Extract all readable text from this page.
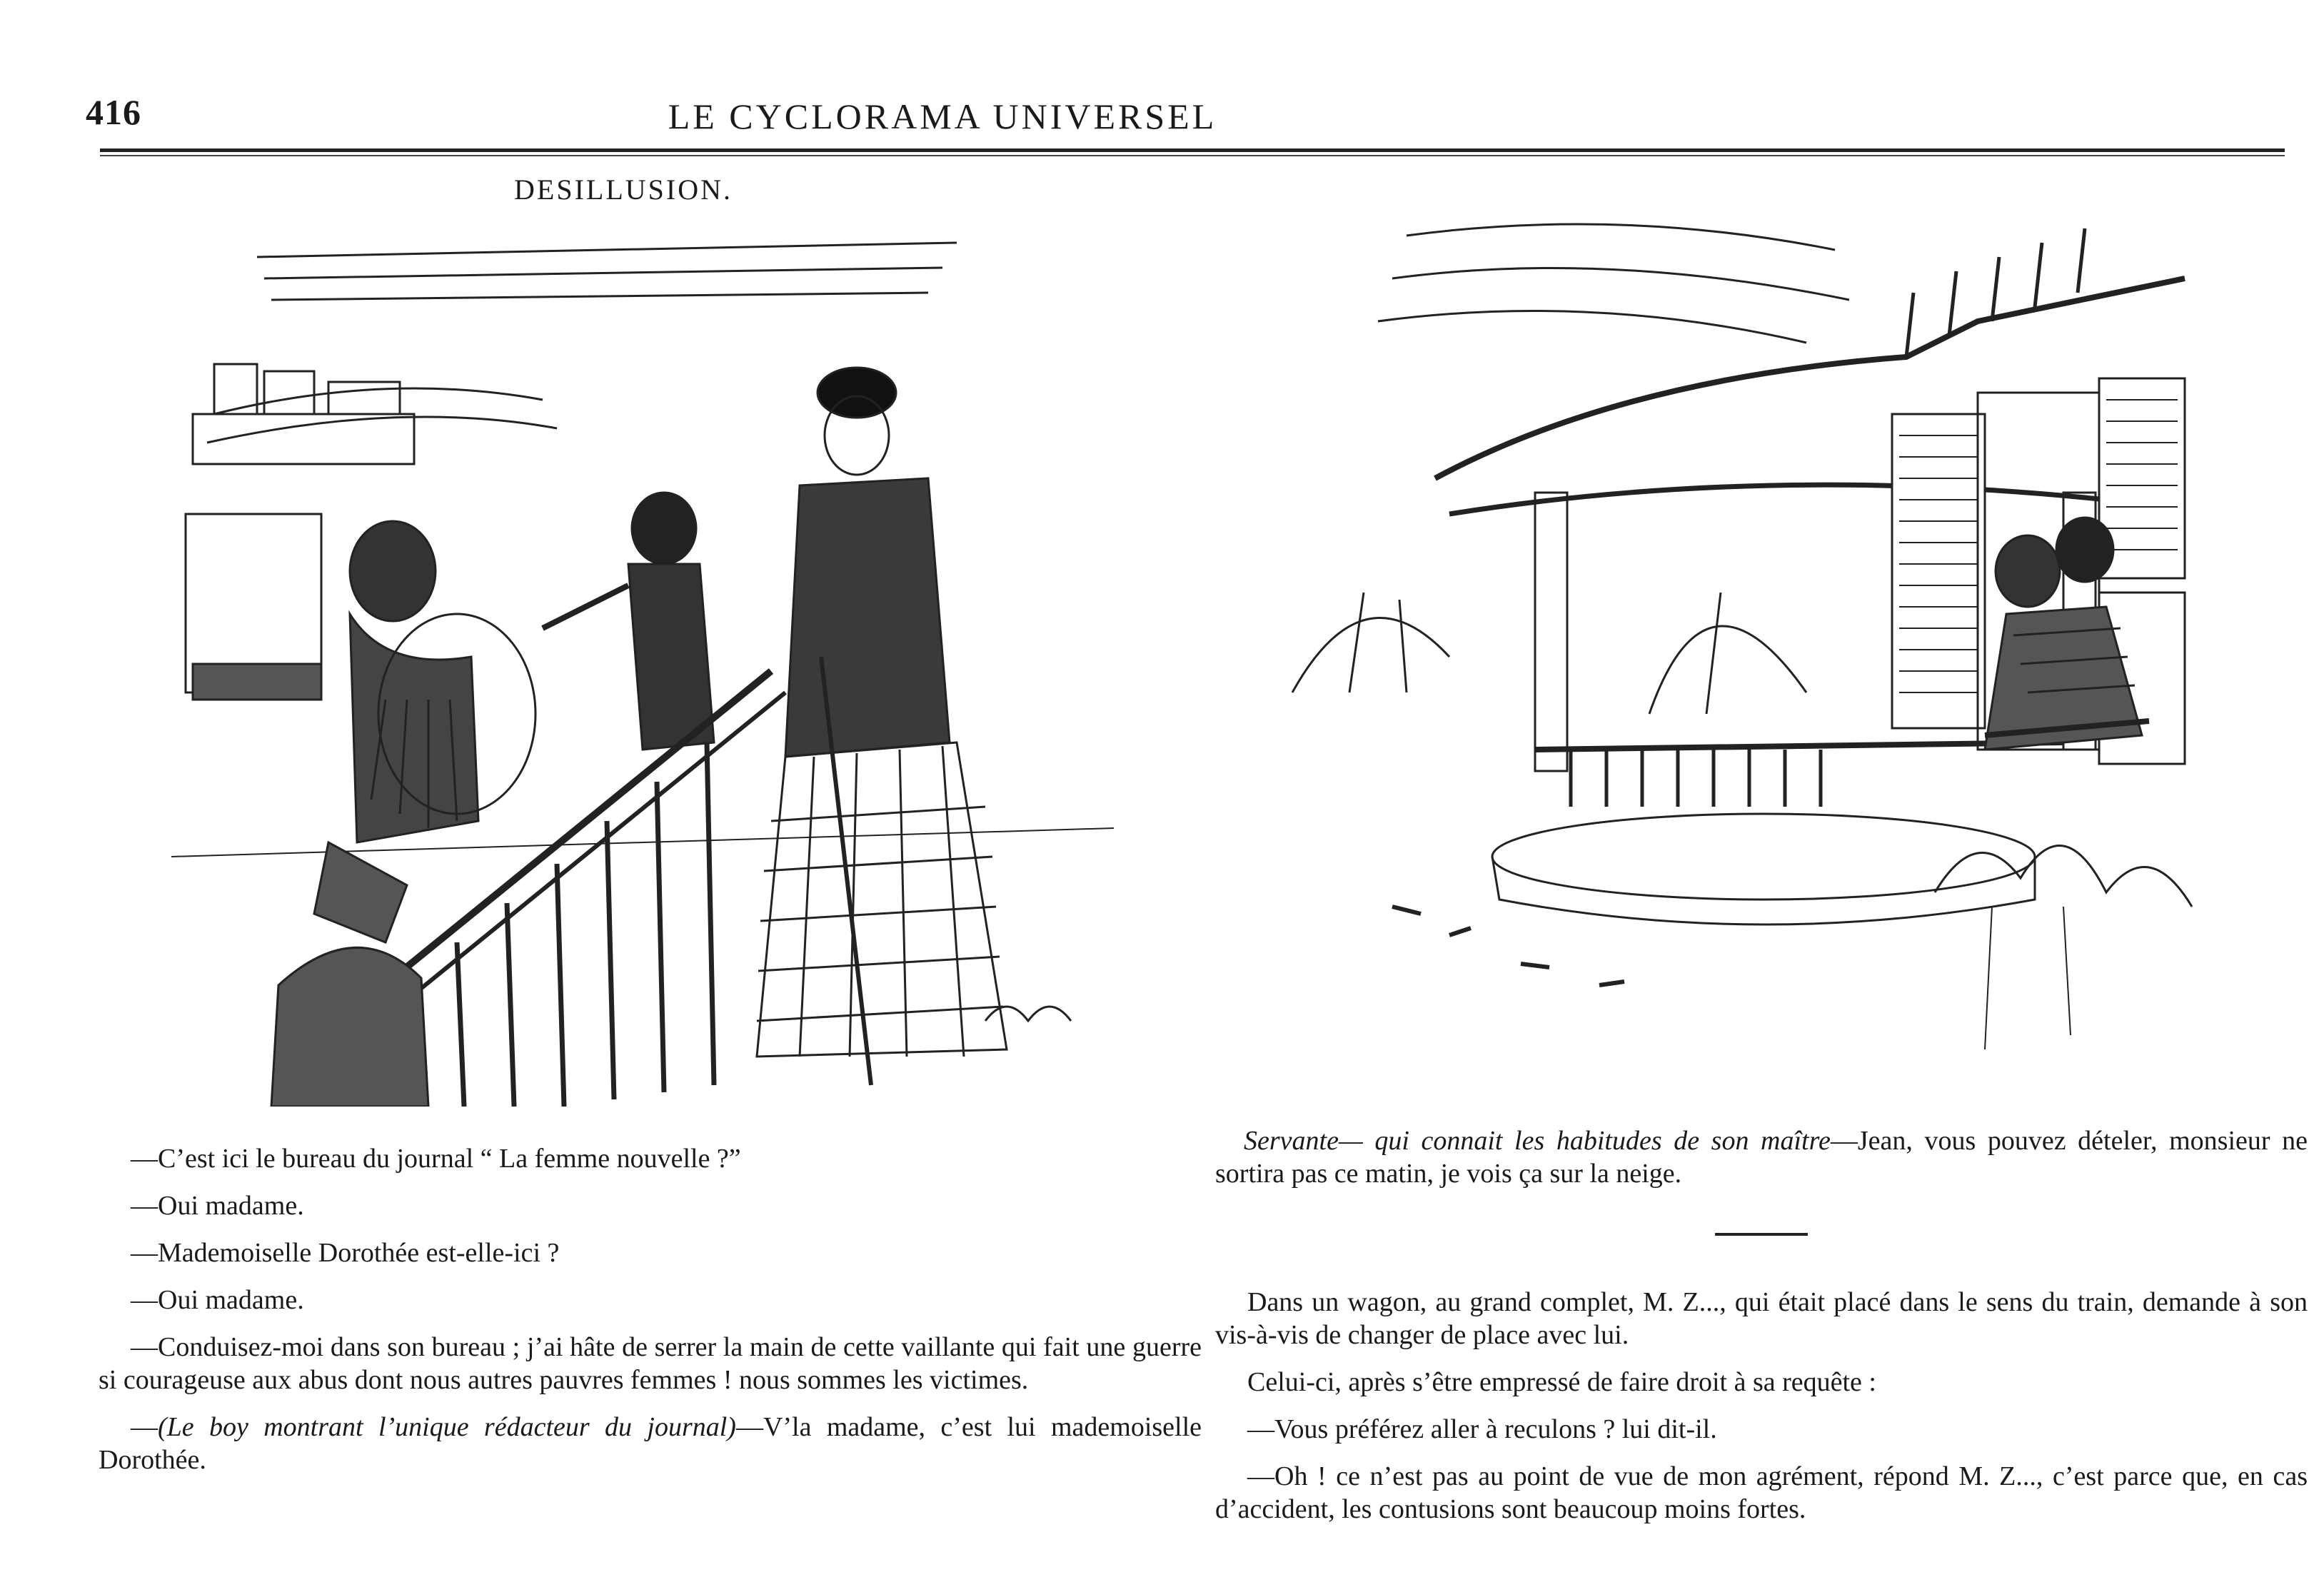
416	LE CYCLORAMA UNIVERSEL
DESILLUSION.

—C’est ici le bureau du journal “ La femme nouvelle ?”

—Oui madame.

—Mademoiselle Dorothée est-elle-ici ?

—Oui madame.

—Conduisez-moi dans son bureau ; j’ai hâte de serrer la main de cette vaillante qui fait une guerre si courageuse aux abus dont nous autres pauvres femmes ! nous sommes les victimes.

—(Le boy montrant l’unique rédacteur du journal)—V’la madame, c’est lui mademoiselle Dorothée.

Servante— qui connait les habitudes de son maître—Jean, vous pouvez dételer, monsieur ne sortira pas ce matin, je vois ça sur la neige.

Dans un wagon, au grand complet, M. Z..., qui était placé dans le sens du train, demande à son vis-à-vis de changer de place avec lui.

Celui-ci, après s’être empressé de faire droit à sa requête :

—Vous préférez aller à reculons ? lui dit-il.

—Oh ! ce n’est pas au point de vue de mon agrément, répond M. Z..., c’est parce que, en cas d’accident, les contusions sont beaucoup moins fortes.
